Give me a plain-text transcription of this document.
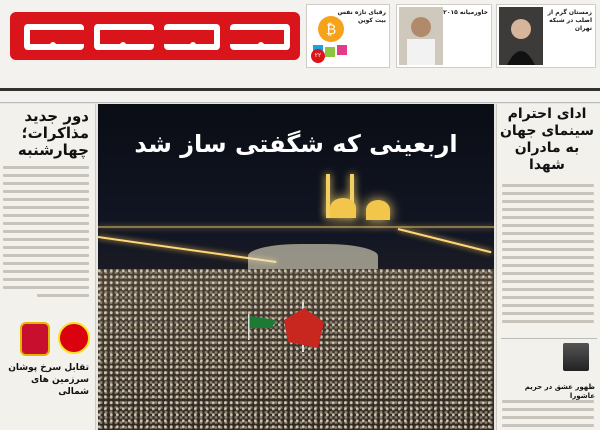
₿
رقبای تازه نفس بیت کوین
۲۲
خاورمیانه ۲۰۱۵	زمستان گرم از اصلب در شبکه تهران
دور جدید مذاکرات؛ چهارشنبه
تقابل سرخ پوشان سرزمین های شمالی
اربعینی که شگفتی ساز شد
ادای احترام سینمای جهان به مادران شهدا
ظهور عشق در حریم عاشورا
